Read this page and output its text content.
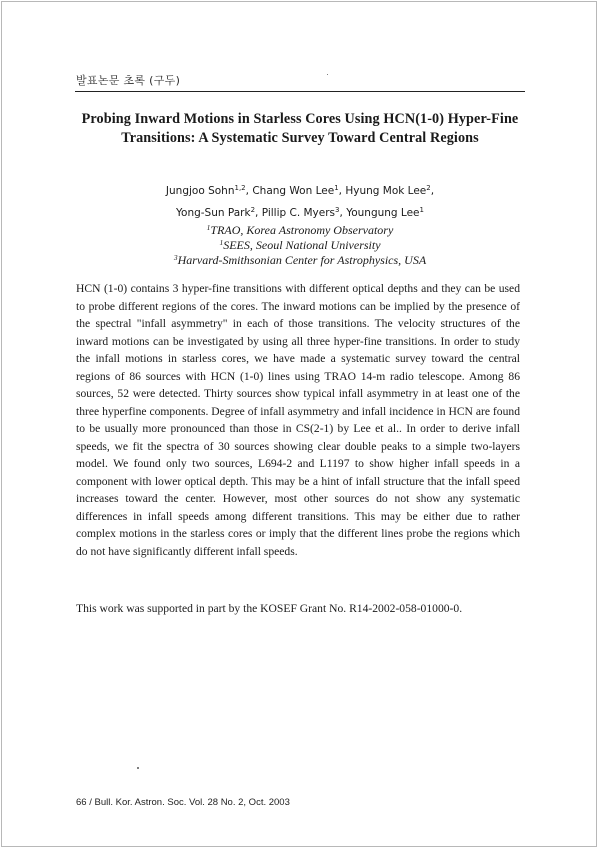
발표논문 초록 (구두)
Probing Inward Motions in Starless Cores Using HCN(1-0) Hyper-Fine
Transitions: A Systematic Survey Toward Central Regions
Jungjoo Sohn$^{1,2}$, Chang Won Lee$^1$, Hyung Mok Lee$^2$,
Yong-Sun Park$^2$, Pillip C. Myers$^3$, Youngung Lee$^1$
$^1$TRAO, Korea Astronomy Observatory
$^1$SEES, Seoul National University
$^3$Harvard-Smithsonian Center for Astrophysics, USA

HCN (1-0) contains 3 hyper-fine transitions with different optical depths and they can be used to probe different regions of the cores. The inward motions can be implied by the presence of the spectral "infall asymmetry" in each of those transitions. The velocity structures of the inward motions can be investigated by using all three hyper-fine transitions. In order to study the infall motions in starless cores, we have made a systematic survey toward the central regions of 86 sources with HCN (1-0) lines using TRAO 14-m radio telescope. Among 86 sources, 52 were detected. Thirty sources show typical infall asymmetry in at least one of the three hyperfine components. Degree of infall asymmetry and infall incidence in HCN are found to be usually more pronounced than those in CS(2-1) by Lee et al.. In order to derive infall speeds, we fit the spectra of 30 sources showing clear double peaks to a simple two-layers model. We found only two sources, L694-2 and L1197 to show higher infall speeds in a component with lower optical depth. This may be a hint of infall structure that the infall speed increases toward the center. However, most other sources do not show any systematic differences in infall speeds among different transitions. This may be either due to rather complex motions in the starless cores or imply that the different lines probe the regions which do not have significantly different infall speeds.

This work was supported in part by the KOSEF Grant No. R14-2002-058-01000-0.

66 / Bull. Kor. Astron. Soc. Vol. 28 No. 2, Oct. 2003
